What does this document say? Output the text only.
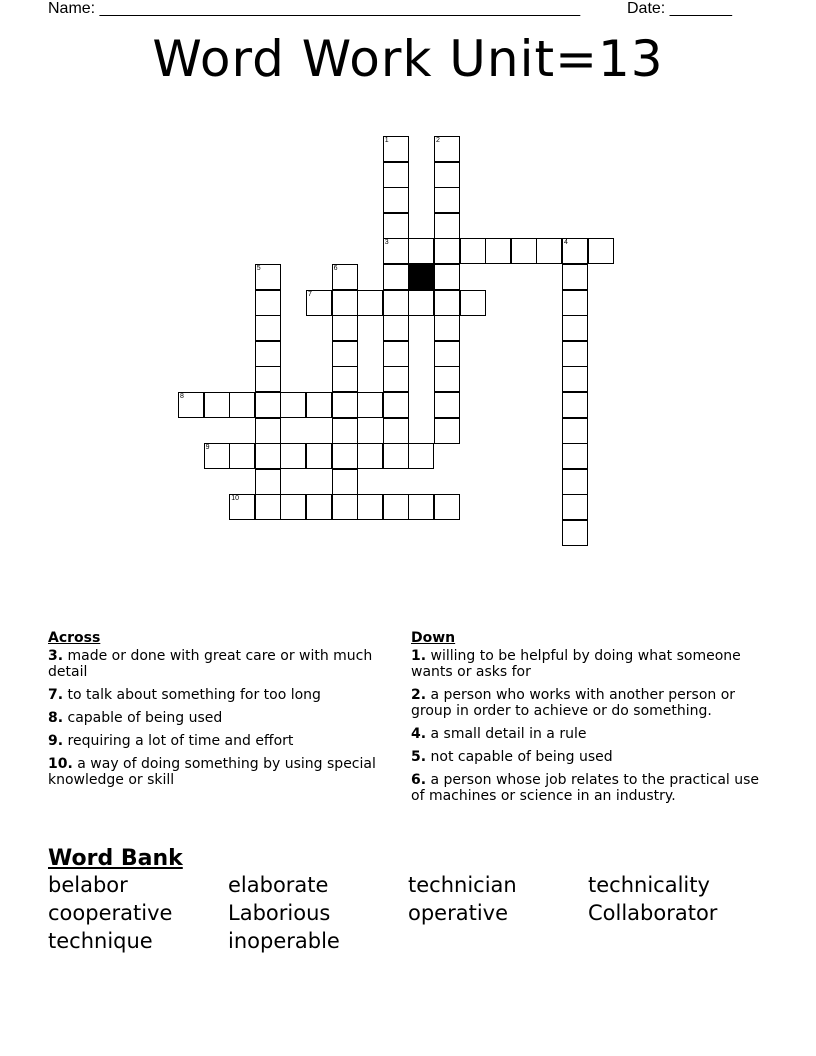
Name: ______________________________________________________	Date: _______
Word Work Unit=13
1
3
2
4
5	6
7
8
9
10
Across
3. made or done with great care or with much detail
7. to talk about something for too long
8. capable of being used
9. requiring a lot of time and effort
10. a way of doing something by using special knowledge or skill
Down
1. willing to be helpful by doing what someone wants or asks for
2. a person who works with another person or group in order to achieve or do something.
4. a small detail in a rule
5. not capable of being used
6. a person whose job relates to the practical use of machines or science in an industry.
Word Bank
belabor	elaborate	technician	technicality
cooperative	Laborious	operative	Collaborator
technique	inoperable
